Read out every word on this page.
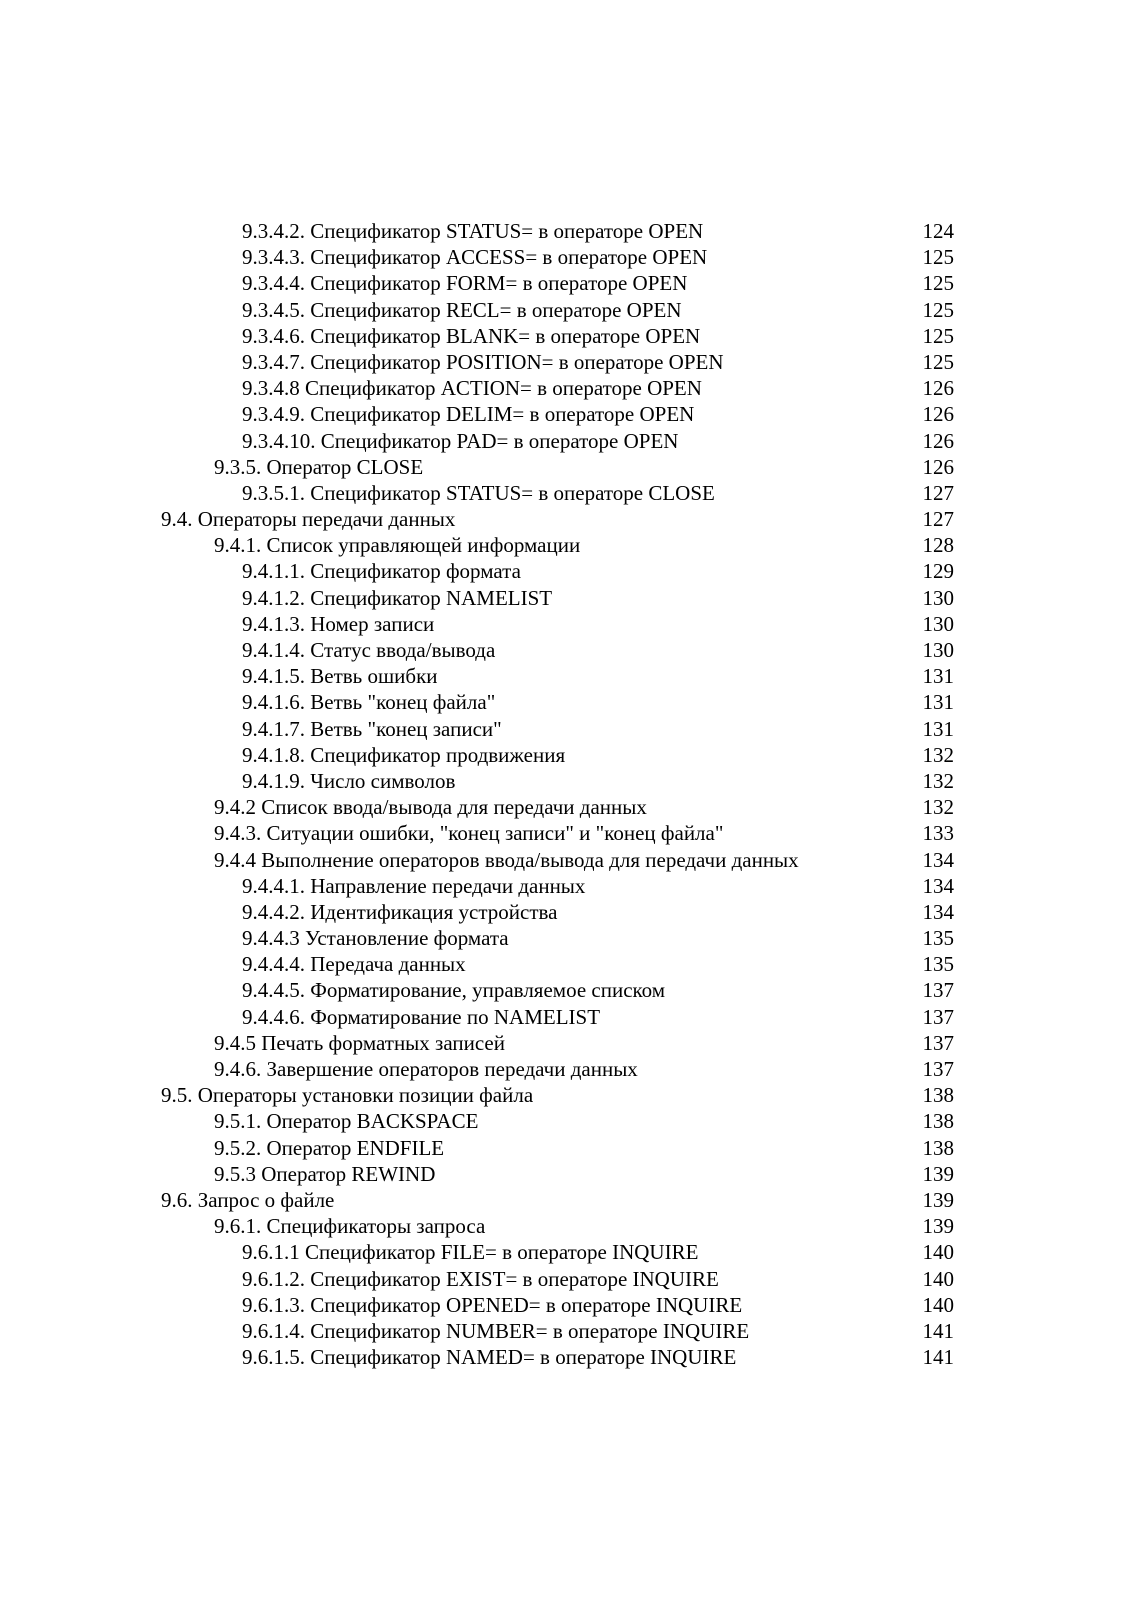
9.3.4.2. Спецификатор STATUS= в операторе OPEN	124
9.3.4.3. Спецификатор ACCESS= в операторе OPEN	125
9.3.4.4. Спецификатор FORM= в операторе OPEN	125
9.3.4.5. Спецификатор RECL= в операторе OPEN	125
9.3.4.6. Спецификатор BLANK= в операторе OPEN	125
9.3.4.7. Спецификатор POSITION= в операторе OPEN	125
9.3.4.8 Спецификатор ACTION= в операторе OPEN	126
9.3.4.9. Спецификатор DELIM= в операторе OPEN	126
9.3.4.10. Спецификатор PAD= в операторе OPEN	126
9.3.5. Оператор CLOSE	126
9.3.5.1. Спецификатор STATUS= в операторе CLOSE	127
9.4. Операторы передачи данных	127
9.4.1. Список управляющей информации	128
9.4.1.1. Спецификатор формата	129
9.4.1.2. Спецификатор NAMELIST	130
9.4.1.3. Номер записи	130
9.4.1.4. Статус ввода/вывода	130
9.4.1.5. Ветвь ошибки	131
9.4.1.6. Ветвь "конец файла"	131
9.4.1.7. Ветвь "конец записи"	131
9.4.1.8. Спецификатор продвижения	132
9.4.1.9. Число символов	132
9.4.2 Список ввода/вывода для передачи данных	132
9.4.3. Ситуации ошибки, "конец записи" и "конец файла"	133
9.4.4 Выполнение операторов ввода/вывода для передачи данных	134
9.4.4.1. Направление передачи данных	134
9.4.4.2. Идентификация устройства	134
9.4.4.3 Установление формата	135
9.4.4.4. Передача данных	135
9.4.4.5. Форматирование, управляемое списком	137
9.4.4.6. Форматирование по NAMELIST	137
9.4.5 Печать форматных записей	137
9.4.6. Завершение операторов передачи данных	137
9.5. Операторы установки позиции файла	138
9.5.1. Оператор BACKSPACE	138
9.5.2. Оператор ENDFILE	138
9.5.3 Оператор REWIND	139
9.6. Запрос о файле	139
9.6.1. Спецификаторы запроса	139
9.6.1.1 Спецификатор FILE= в операторе INQUIRE	140
9.6.1.2. Спецификатор EXIST= в операторе INQUIRE	140
9.6.1.3. Спецификатор OPENED= в операторе INQUIRE	140
9.6.1.4. Спецификатор NUMBER= в операторе INQUIRE	141
9.6.1.5. Спецификатор NAMED= в операторе INQUIRE	141
